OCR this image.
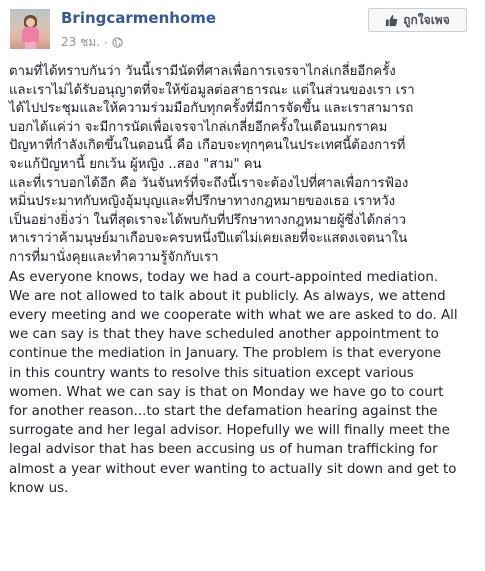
Bringcarmenhome
23 ชม. ·
ถูกใจเพจ

ตามที่ได้ทราบกันว่า วันนี้เรามีนัดที่ศาลเพื่อการเจรจาไกล่เกลี่ยอีกครั้ง

และเราไม่ได้รับอนุญาตที่จะให้ข้อมูลต่อสาธารณะ แต่ในส่วนของเรา เรา

ได้ไปประชุมและให้ความร่วมมือกับทุกครั้งที่มีการจัดขึ้น และเราสามารถ

บอกได้แค่ว่า จะมีการนัดเพื่อเจรจาไกล่เกลี่ยอีกครั้งในเดือนมกราคม

ปัญหาที่กำลังเกิดขึ้นในตอนนี้ คือ เกือบจะทุกๆคนในประเทศนี้ต้องการที่

จะแก้ปัญหานี้ ยกเว้น ผู้หญิง ..สอง "สาม" คน

และที่เราบอกได้อีก คือ วันจันทร์ที่จะถึงนี้เราจะต้องไปที่ศาลเพื่อการฟ้อง

หมิ่นประมาทกับหญิงอุ้มบุญและที่ปรึกษาทางกฎหมายของเธอ เราหวัง

เป็นอย่างยิ่งว่า ในที่สุดเราจะได้พบกับที่ปรึกษาทางกฎหมายผู้ซึ่งได้กล่าว

หาเราว่าค้ามนุษย์มาเกือบจะครบหนึ่งปีแต่ไม่เคยเลยที่จะแสดงเจตนาใน

การที่มานั่งคุยและทำความรู้จักกับเรา

As everyone knows, today we had a court-appointed mediation.

We are not allowed to talk about it publicly. As always, we attend

every meeting and we cooperate with what we are asked to do. All

we can say is that they have scheduled another appointment to

continue the mediation in January. The problem is that everyone

in this country wants to resolve this situation except various

women. What we can say is that on Monday we have go to court

for another reason...to start the defamation hearing against the

surrogate and her legal advisor. Hopefully we will finally meet the

legal advisor that has been accusing us of human trafficking for

almost a year without ever wanting to actually sit down and get to

know us.
